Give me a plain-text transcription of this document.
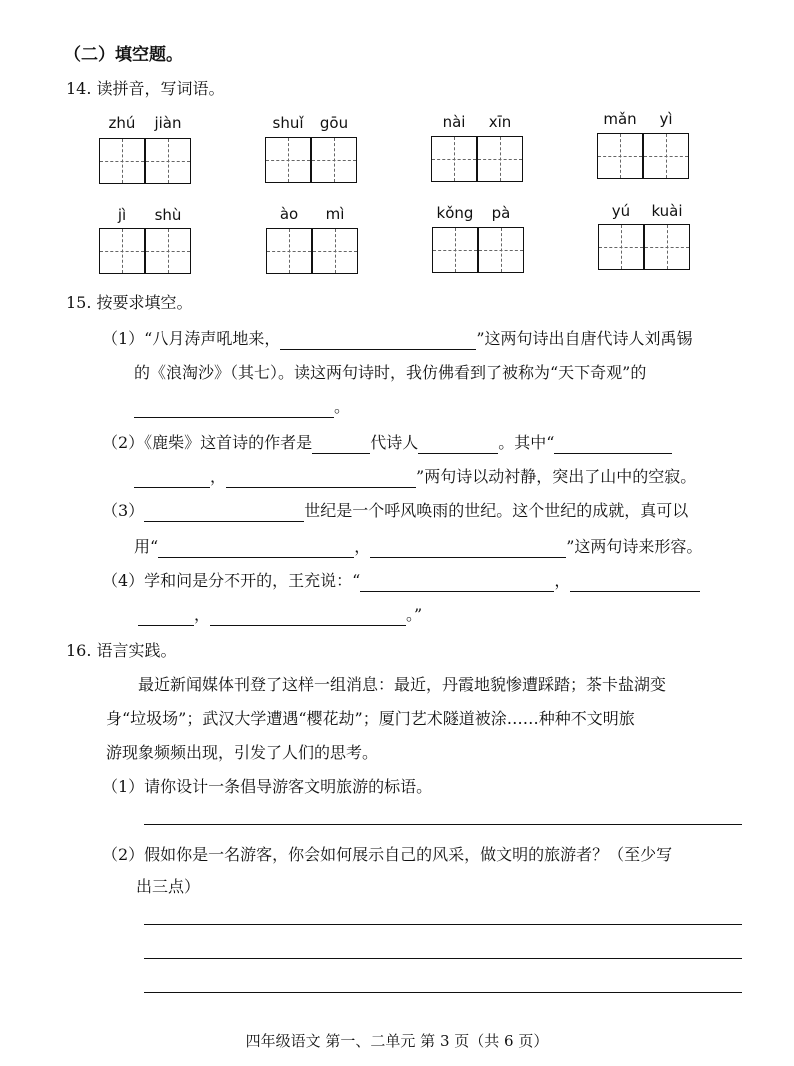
（二）填空题。
14. 读拼音，写词语。
zhú	jiàn	shuǐ	gōu	nài	xīn	mǎn	yì
jì	shù	ào	mì	kǒng	pà	yú	kuài
15. 按要求填空。
（1）“八月涛声吼地来，	”这两句诗出自唐代诗人刘禹锡
的《浪淘沙》（其七）。读这两句诗时，我仿佛看到了被称为“天下奇观”的
。
（2）《鹿柴》这首诗的作者是	代诗人	。其中“
，	”两句诗以动衬静，突出了山中的空寂。
（3）	世纪是一个呼风唤雨的世纪。这个世纪的成就，真可以
用“	，	”这两句诗来形容。
（4）学和问是分不开的，王充说：“	，
，	。”
16. 语言实践。
最近新闻媒体刊登了这样一组消息：最近，丹霞地貌惨遭踩踏；茶卡盐湖变
身“垃圾场”；武汉大学遭遇“樱花劫”；厦门艺术隧道被涂……种种不文明旅
游现象频频出现，引发了人们的思考。
（1）请你设计一条倡导游客文明旅游的标语。
（2）假如你是一名游客，你会如何展示自己的风采，做文明的旅游者？（至少写
出三点）
四年级语文 第一、二单元 第 3 页（共 6 页）
